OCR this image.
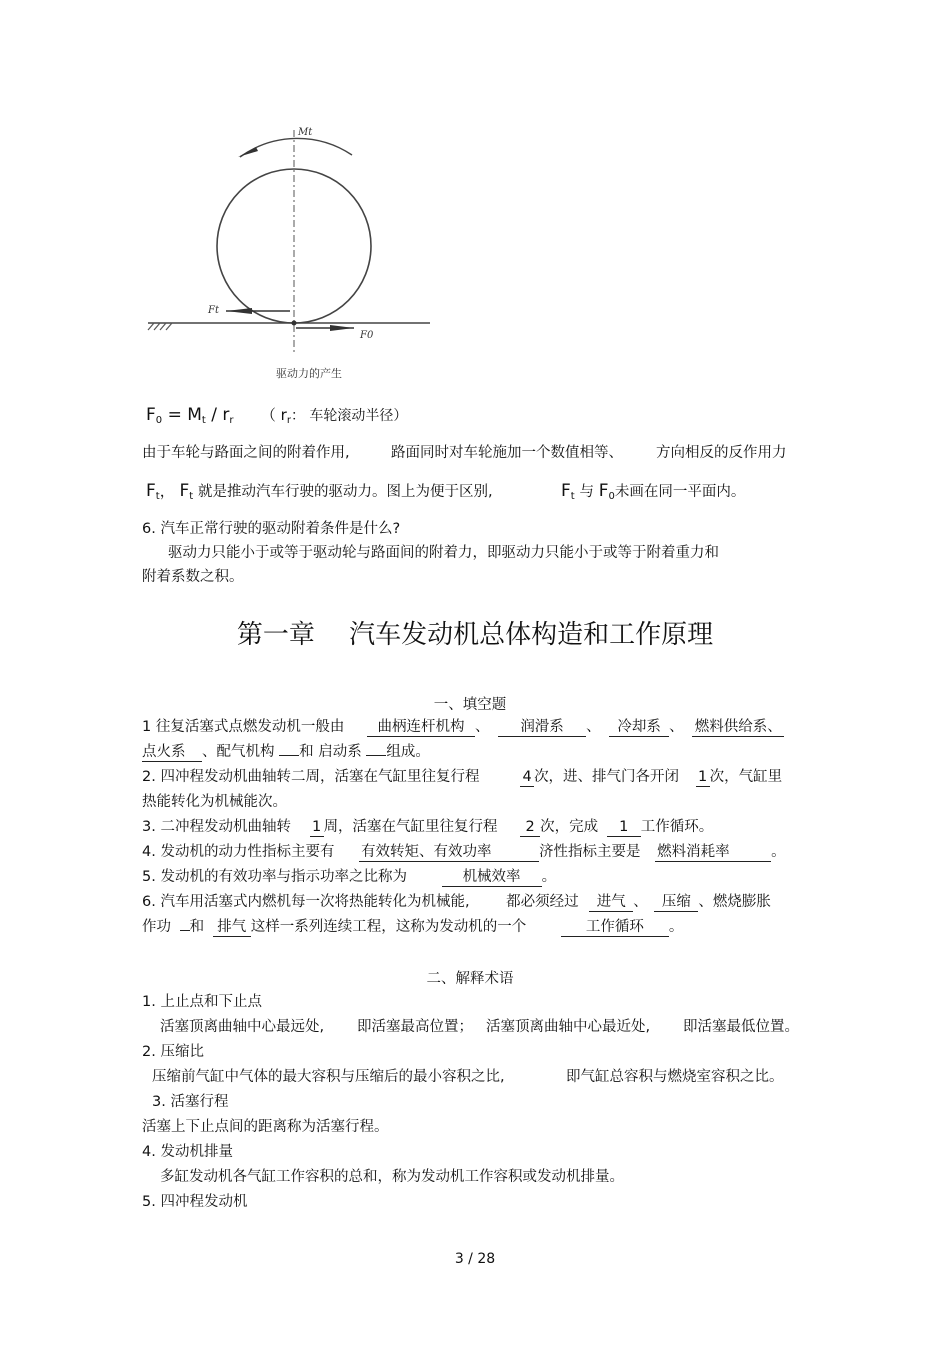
Mt
Ft
F0
驱动力的产生
$F_0 = M_t / r_r$ （ $r_r$： 车轮滚动半径）
由于车轮与路面之间的附着作用,	路面同时对车轮施加一个数值相等、 方向相反的反作用力
$F_t$， $F_t$ 就是推动汽车行驶的驱动力。图上为便于区别,	$F_t$ 与 $F_0$未画在同一平面内。
6. 汽车正常行驶的驱动附着条件是什么?
驱动力只能小于或等于驱动轮与路面间的附着力，即驱动力只能小于或等于附着重力和
附着系数之积。
第一章　 汽车发动机总体构造和工作原理
一、填空题
1 往复活塞式点燃发动机一般由 曲柄连杆机构 、 润滑系 、 冷却系 、 燃料供给系、
点火系 、配气机构 和 启动系 组成。
2. 四冲程发动机曲轴转二周，活塞在气缸里往复行程	4 次，进、排气门各开闭 1 次，气缸里
热能转化为机械能次。
3. 二冲程发动机曲轴转 1 周，活塞在气缸里往复行程 2 次，完成 1 工作循环。
4. 发动机的动力性指标主要有 有效转矩、有效功率	济性指标主要是 燃料消耗率	。
5. 发动机的有效功率与指示功率之比称为	机械效率 。
6. 汽车用活塞式内燃机每一次将热能转化为机械能,	都必须经过 进气 、 压缩 、燃烧膨胀
作功 和 排气 这样一系列连续工程，这称为发动机的一个	工作循环 。
二、解释术语
1. 上止点和下止点
活塞顶离曲轴中心最远处, 即活塞最高位置； 活塞顶离曲轴中心最近处, 即活塞最低位置。
2. 压缩比
压缩前气缸中气体的最大容积与压缩后的最小容积之比,	即气缸总容积与燃烧室容积之比。
3. 活塞行程
活塞上下止点间的距离称为活塞行程。
4. 发动机排量
多缸发动机各气缸工作容积的总和，称为发动机工作容积或发动机排量。
5. 四冲程发动机
3 / 28
